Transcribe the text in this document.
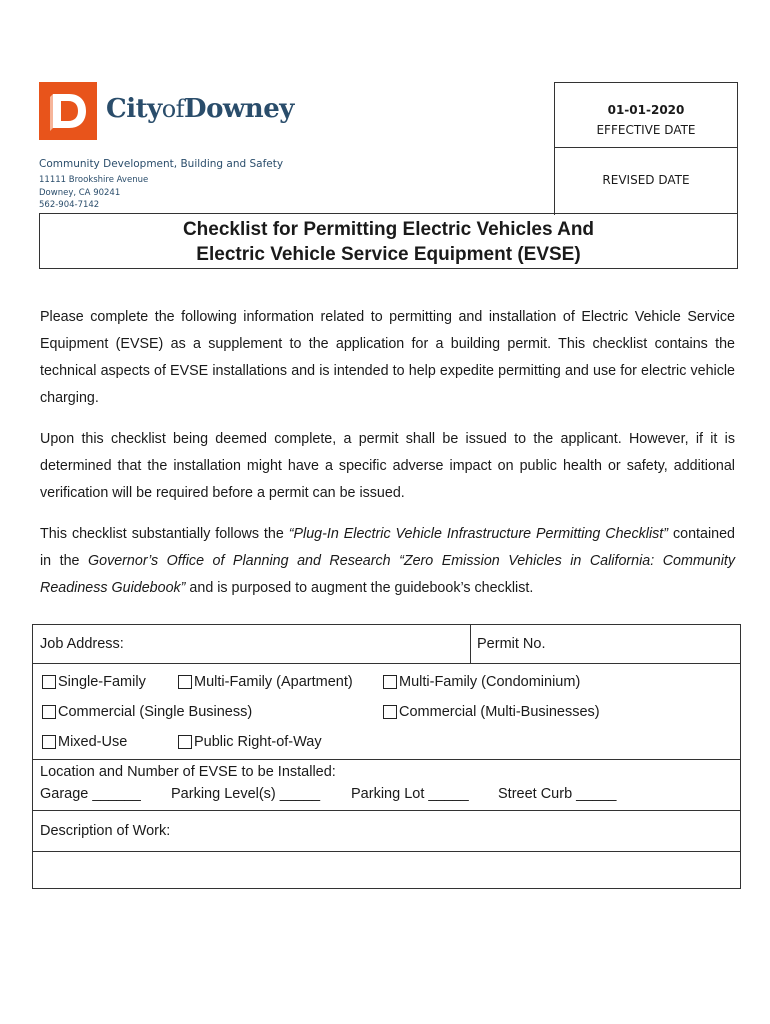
CityofDowney
Community Development, Building and Safety
11111 Brookshire Avenue
Downey, CA 90241
562-904-7142
01-01-2020
EFFECTIVE DATE
REVISED DATE
Checklist for Permitting Electric Vehicles And
Electric Vehicle Service Equipment (EVSE)

Please complete the following information related to permitting and installation of Electric Vehicle Service Equipment (EVSE) as a supplement to the application for a building permit. This checklist contains the technical aspects of EVSE installations and is intended to help expedite permitting and use for electric vehicle charging.

Upon this checklist being deemed complete, a permit shall be issued to the applicant. However, if it is determined that the installation might have a specific adverse impact on public health or safety, additional verification will be required before a permit can be issued.

This checklist substantially follows the “Plug-In Electric Vehicle Infrastructure Permitting Checklist” contained in the Governor’s Office of Planning and Research “Zero Emission Vehicles in California: Community Readiness Guidebook” and is purposed to augment the guidebook’s checklist.

Job Address:	Permit No.
Single-Family	Multi-Family (Apartment)	Multi-Family (Condominium)
Commercial (Single Business)	Commercial (Multi-Businesses)
Mixed-Use	Public Right-of-Way
Location and Number of EVSE to be Installed:
Garage ______ Parking Level(s) _____ Parking Lot _____ Street Curb _____
Description of Work:
